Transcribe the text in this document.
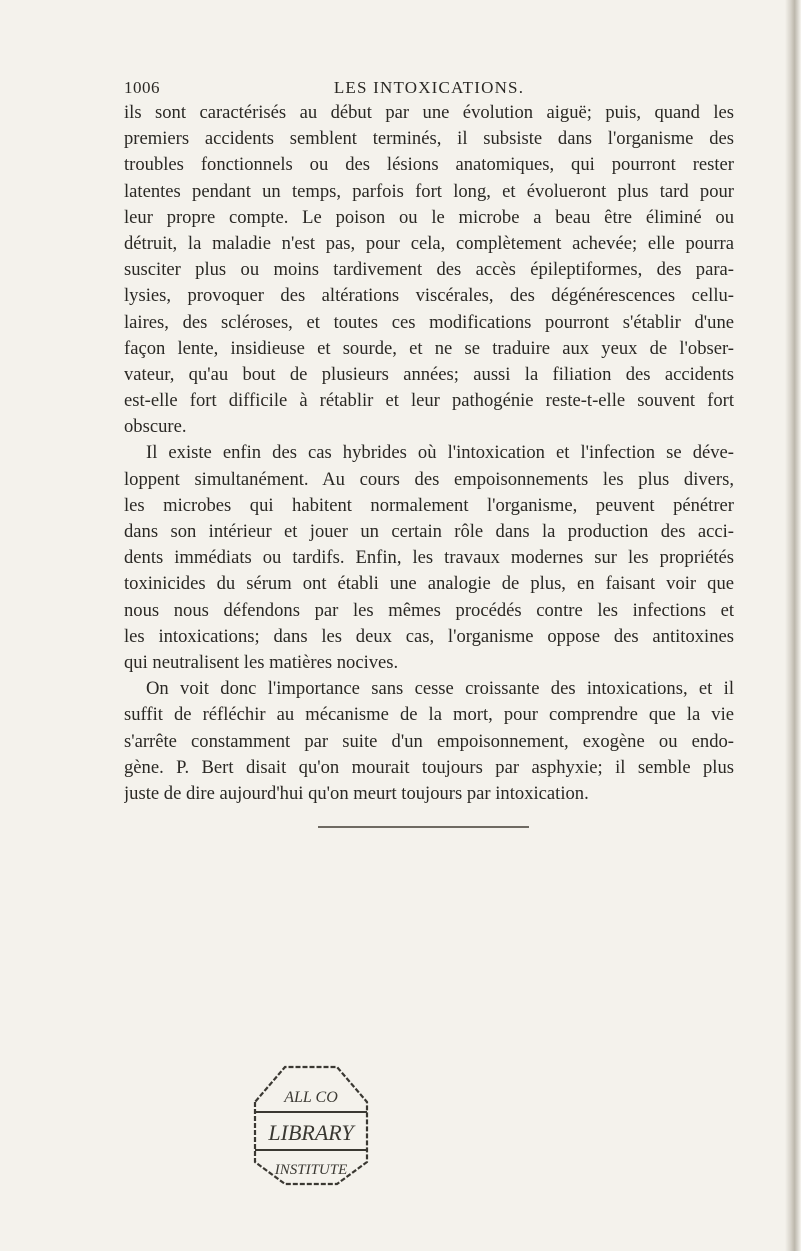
1006	LES INTOXICATIONS.
ils sont caractérisés au début par une évolution aiguë; puis, quand les
premiers accidents semblent terminés, il subsiste dans l'organisme des
troubles fonctionnels ou des lésions anatomiques, qui pourront rester
latentes pendant un temps, parfois fort long, et évolueront plus tard pour
leur propre compte. Le poison ou le microbe a beau être éliminé ou
détruit, la maladie n'est pas, pour cela, complètement achevée; elle pourra
susciter plus ou moins tardivement des accès épileptiformes, des para-
lysies, provoquer des altérations viscérales, des dégénérescences cellu-
laires, des scléroses, et toutes ces modifications pourront s'établir d'une
façon lente, insidieuse et sourde, et ne se traduire aux yeux de l'obser-
vateur, qu'au bout de plusieurs années; aussi la filiation des accidents
est-elle fort difficile à rétablir et leur pathogénie reste-t-elle souvent fort
obscure.
Il existe enfin des cas hybrides où l'intoxication et l'infection se déve-
loppent simultanément. Au cours des empoisonnements les plus divers,
les microbes qui habitent normalement l'organisme, peuvent pénétrer
dans son intérieur et jouer un certain rôle dans la production des acci-
dents immédiats ou tardifs. Enfin, les travaux modernes sur les propriétés
toxinicides du sérum ont établi une analogie de plus, en faisant voir que
nous nous défendons par les mêmes procédés contre les infections et
les intoxications; dans les deux cas, l'organisme oppose des antitoxines
qui neutralisent les matières nocives.
On voit donc l'importance sans cesse croissante des intoxications, et il
suffit de réfléchir au mécanisme de la mort, pour comprendre que la vie
s'arrête constamment par suite d'un empoisonnement, exogène ou endo-
gène. P. Bert disait qu'on mourait toujours par asphyxie; il semble plus
juste de dire aujourd'hui qu'on meurt toujours par intoxication.
ALL CO
LIBRARY
INSTITUTE
